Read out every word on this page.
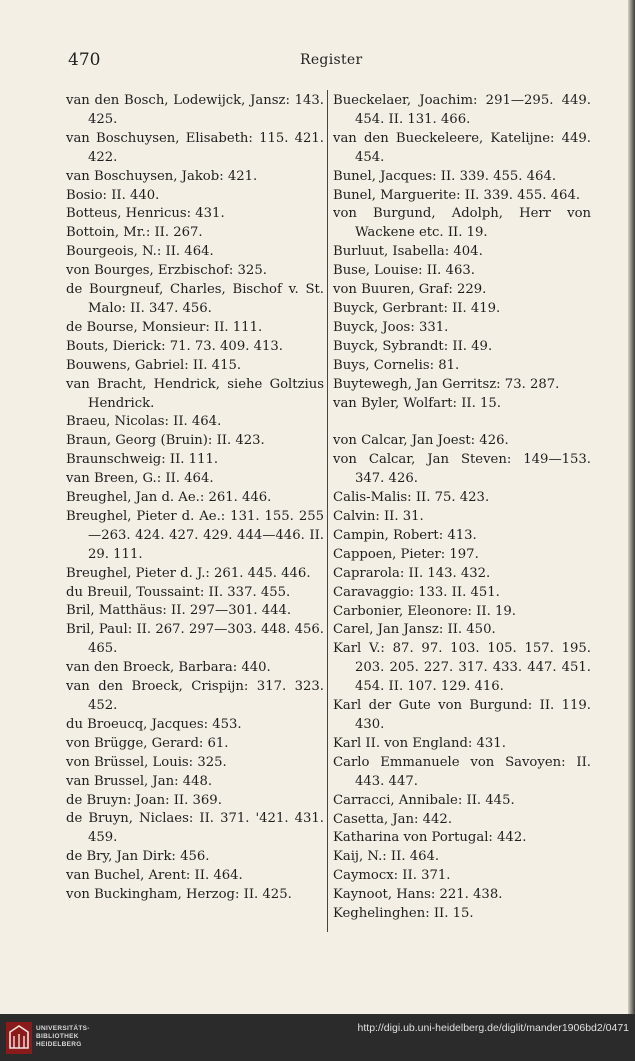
470	Register

van den Bosch, Lodewijck, Jansz: 143. 425.

van Boschuysen, Elisabeth: 115. 421. 422.

van Boschuysen, Jakob: 421.

Bosio: II. 440.

Botteus, Henricus: 431.

Bottoin, Mr.: II. 267.

Bourgeois, N.: II. 464.

von Bourges, Erzbischof: 325.

de Bourgneuf, Charles, Bischof v. St. Malo: II. 347. 456.

de Bourse, Monsieur: II. 111.

Bouts, Dierick: 71. 73. 409. 413.

Bouwens, Gabriel: II. 415.

van Bracht, Hendrick, siehe Goltzius Hendrick.

Braeu, Nicolas: II. 464.

Braun, Georg (Bruin): II. 423.

Braunschweig: II. 111.

van Breen, G.: II. 464.

Breughel, Jan d. Ae.: 261. 446.

Breughel, Pieter d. Ae.: 131. 155. 255—263. 424. 427. 429. 444—446. II. 29. 111.

Breughel, Pieter d. J.: 261. 445. 446.

du Breuil, Toussaint: II. 337. 455.

Bril, Matthäus: II. 297—301. 444.

Bril, Paul: II. 267. 297—303. 448. 456. 465.

van den Broeck, Barbara: 440.

van den Broeck, Crispijn: 317. 323. 452.

du Broeucq, Jacques: 453.

von Brügge, Gerard: 61.

von Brüssel, Louis: 325.

van Brussel, Jan: 448.

de Bruyn: Joan: II. 369.

de Bruyn, Niclaes: II. 371. '421. 431. 459.

de Bry, Jan Dirk: 456.

van Buchel, Arent: II. 464.

von Buckingham, Herzog: II. 425.

Bueckelaer, Joachim: 291—295. 449. 454. II. 131. 466.

van den Bueckeleere, Katelijne: 449. 454.

Bunel, Jacques: II. 339. 455. 464.

Bunel, Marguerite: II. 339. 455. 464.

von Burgund, Adolph, Herr von Wackene etc. II. 19.

Burluut, Isabella: 404.

Buse, Louise: II. 463.

von Buuren, Graf: 229.

Buyck, Gerbrant: II. 419.

Buyck, Joos: 331.

Buyck, Sybrandt: II. 49.

Buys, Cornelis: 81.

Buytewegh, Jan Gerritsz: 73. 287.

van Byler, Wolfart: II. 15.

von Calcar, Jan Joest: 426.

von Calcar, Jan Steven: 149—153. 347. 426.

Calis-Malis: II. 75. 423.

Calvin: II. 31.

Campin, Robert: 413.

Cappoen, Pieter: 197.

Caprarola: II. 143. 432.

Caravaggio: 133. II. 451.

Carbonier, Eleonore: II. 19.

Carel, Jan Jansz: II. 450.

Karl V.: 87. 97. 103. 105. 157. 195. 203. 205. 227. 317. 433. 447. 451. 454. II. 107. 129. 416.

Karl der Gute von Burgund: II. 119. 430.

Karl II. von England: 431.

Carlo Emmanuele von Savoyen: II. 443. 447.

Carracci, Annibale: II. 445.

Casetta, Jan: 442.

Katharina von Portugal: 442.

Kaij, N.: II. 464.

Caymocx: II. 371.

Kaynoot, Hans: 221. 438.

Keghelinghen: II. 15.

UNIVERSITÄTS-
BIBLIOTHEK
HEIDELBERG
http://digi.ub.uni-heidelberg.de/diglit/mander1906bd2/0471
